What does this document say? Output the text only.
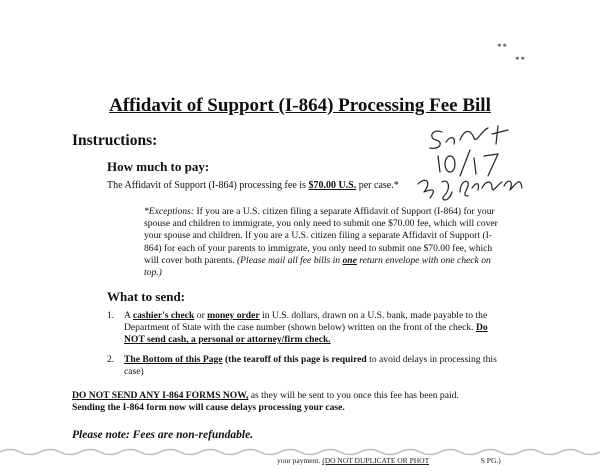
**
**
Affidavit of Support (I-864) Processing Fee Bill
Instructions:
How much to pay:
The Affidavit of Support (I-864) processing fee is $70.00 U.S. per case.*
*Exceptions: If you are a U.S. citizen filing a separate Affidavit of Support (I-864) for your spouse and children to immigrate, you only need to submit one $70.00 fee, which will cover your spouse and children. If you are a U.S. citizen filing a separate Affidavit of Support (I-864) for each of your parents to immigrate, you only need to submit one $70.00 fee, which will cover both parents. (Please mail all fee bills in one return envelope with one check on top.)
What to send:
1. A cashier's check or money order in U.S. dollars, drawn on a U.S. bank, made payable to the Department of State with the case number (shown below) written on the front of the check. Do NOT send cash, a personal or attorney/firm check.
2. The Bottom of this Page (the tearoff of this page is required to avoid delays in processing this case)
DO NOT SEND ANY I-864 FORMS NOW, as they will be sent to you once this fee has been paid.
Sending the I-864 form now will cause delays processing your case.
Please note: Fees are non-refundable.
your payment. (DO NOT DUPLICATE OR PHOT	S PG.)
